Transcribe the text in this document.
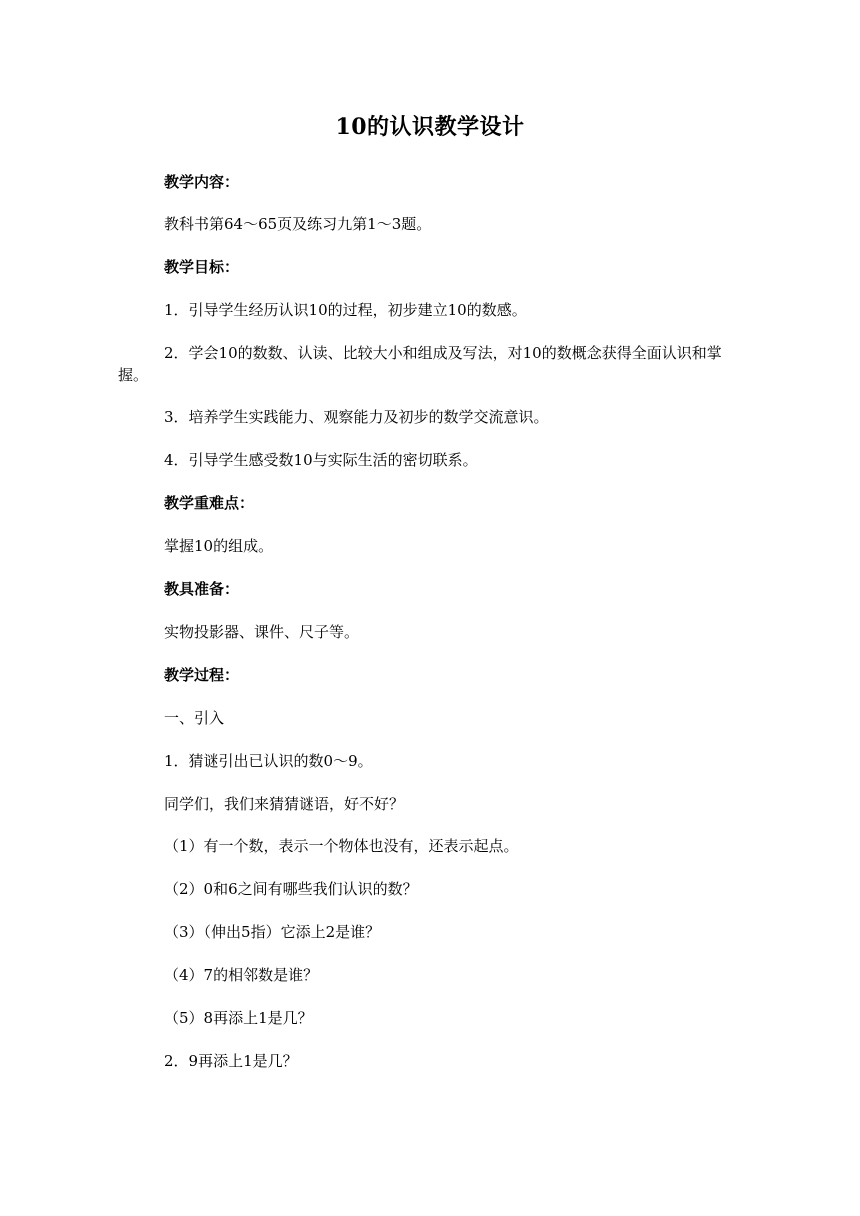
10的认识教学设计
教学内容：
教科书第64～65页及练习九第1～3题。
教学目标：
1．引导学生经历认识10的过程，初步建立10的数感。
2．学会10的数数、认读、比较大小和组成及写法，对10的数概念获得全面认识和掌握。
3．培养学生实践能力、观察能力及初步的数学交流意识。
4．引导学生感受数10与实际生活的密切联系。
教学重难点：
掌握10的组成。
教具准备：
实物投影器、课件、尺子等。
教学过程：
一、引入
1．猜谜引出已认识的数0～9。
同学们，我们来猜猜谜语，好不好？
（1）有一个数，表示一个物体也没有，还表示起点。
（2）0和6之间有哪些我们认识的数？
（3）（伸出5指）它添上2是谁？
（4）7的相邻数是谁？
（5）8再添上1是几？
2．9再添上1是几？
